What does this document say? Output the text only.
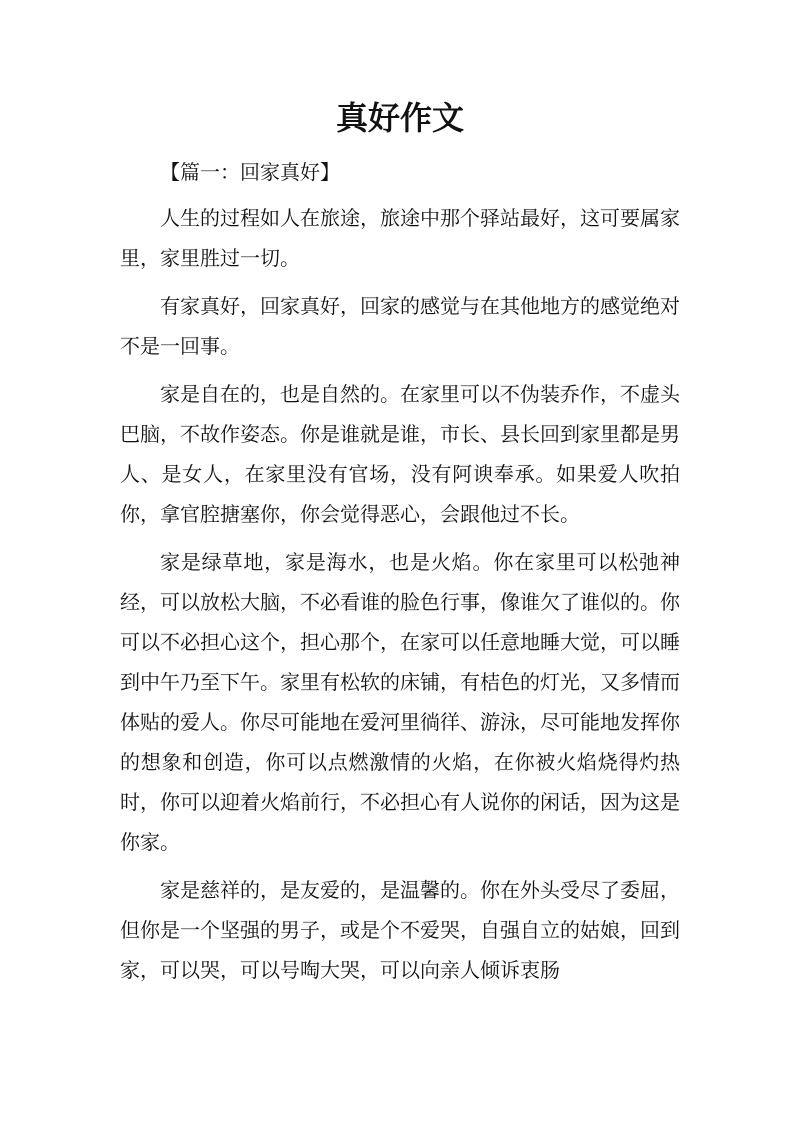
真好作文

【篇一：回家真好】

人生的过程如人在旅途，旅途中那个驿站最好，这可要属家里，家里胜过一切。

有家真好，回家真好，回家的感觉与在其他地方的感觉绝对不是一回事。

家是自在的，也是自然的。在家里可以不伪装乔作，不虚头巴脑，不故作姿态。你是谁就是谁，市长、县长回到家里都是男人、是女人，在家里没有官场，没有阿谀奉承。如果爱人吹拍你，拿官腔搪塞你，你会觉得恶心，会跟他过不长。

家是绿草地，家是海水，也是火焰。你在家里可以松弛神经，可以放松大脑，不必看谁的脸色行事，像谁欠了谁似的。你可以不必担心这个，担心那个，在家可以任意地睡大觉，可以睡到中午乃至下午。家里有松软的床铺，有桔色的灯光，又多情而体贴的爱人。你尽可能地在爱河里徜徉、游泳，尽可能地发挥你的想象和创造，你可以点燃激情的火焰，在你被火焰烧得灼热时，你可以迎着火焰前行，不必担心有人说你的闲话，因为这是你家。

家是慈祥的，是友爱的，是温馨的。你在外头受尽了委屈，但你是一个坚强的男子，或是个不爱哭，自强自立的姑娘，回到家，可以哭，可以号啕大哭，可以向亲人倾诉衷肠
